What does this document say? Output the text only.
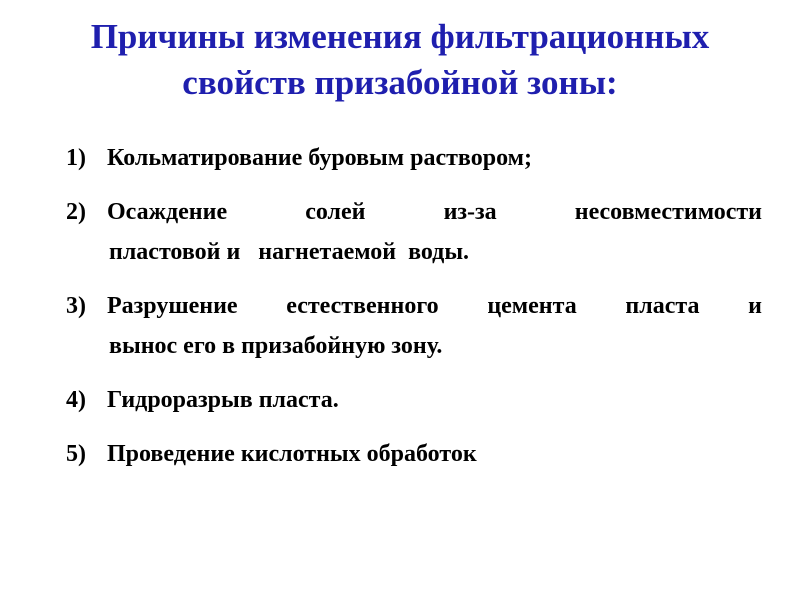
Причины изменения фильтрационных
свойств призабойной зоны:
1) Кольматирование буровым раствором;
2) Осаждение солей из-за несовместимости
пластовой и   нагнетаемой  воды.
3) Разрушение естественного цемента пласта и
вынос его в призабойную зону.
4) Гидроразрыв пласта.
5) Проведение кислотных обработок
